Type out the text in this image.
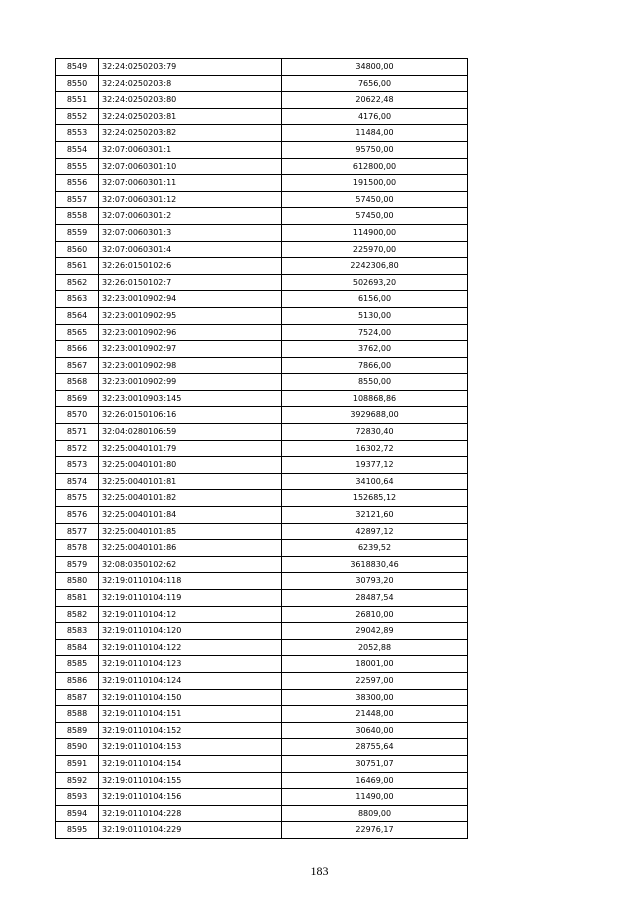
8549	32:24:0250203:79	34800,00
8550	32:24:0250203:8	7656,00
8551	32:24:0250203:80	20622,48
8552	32:24:0250203:81	4176,00
8553	32:24:0250203:82	11484,00
8554	32:07:0060301:1	95750,00
8555	32:07:0060301:10	612800,00
8556	32:07:0060301:11	191500,00
8557	32:07:0060301:12	57450,00
8558	32:07:0060301:2	57450,00
8559	32:07:0060301:3	114900,00
8560	32:07:0060301:4	225970,00
8561	32:26:0150102:6	2242306,80
8562	32:26:0150102:7	502693,20
8563	32:23:0010902:94	6156,00
8564	32:23:0010902:95	5130,00
8565	32:23:0010902:96	7524,00
8566	32:23:0010902:97	3762,00
8567	32:23:0010902:98	7866,00
8568	32:23:0010902:99	8550,00
8569	32:23:0010903:145	108868,86
8570	32:26:0150106:16	3929688,00
8571	32:04:0280106:59	72830,40
8572	32:25:0040101:79	16302,72
8573	32:25:0040101:80	19377,12
8574	32:25:0040101:81	34100,64
8575	32:25:0040101:82	152685,12
8576	32:25:0040101:84	32121,60
8577	32:25:0040101:85	42897,12
8578	32:25:0040101:86	6239,52
8579	32:08:0350102:62	3618830,46
8580	32:19:0110104:118	30793,20
8581	32:19:0110104:119	28487,54
8582	32:19:0110104:12	26810,00
8583	32:19:0110104:120	29042,89
8584	32:19:0110104:122	2052,88
8585	32:19:0110104:123	18001,00
8586	32:19:0110104:124	22597,00
8587	32:19:0110104:150	38300,00
8588	32:19:0110104:151	21448,00
8589	32:19:0110104:152	30640,00
8590	32:19:0110104:153	28755,64
8591	32:19:0110104:154	30751,07
8592	32:19:0110104:155	16469,00
8593	32:19:0110104:156	11490,00
8594	32:19:0110104:228	8809,00
8595	32:19:0110104:229	22976,17
183
